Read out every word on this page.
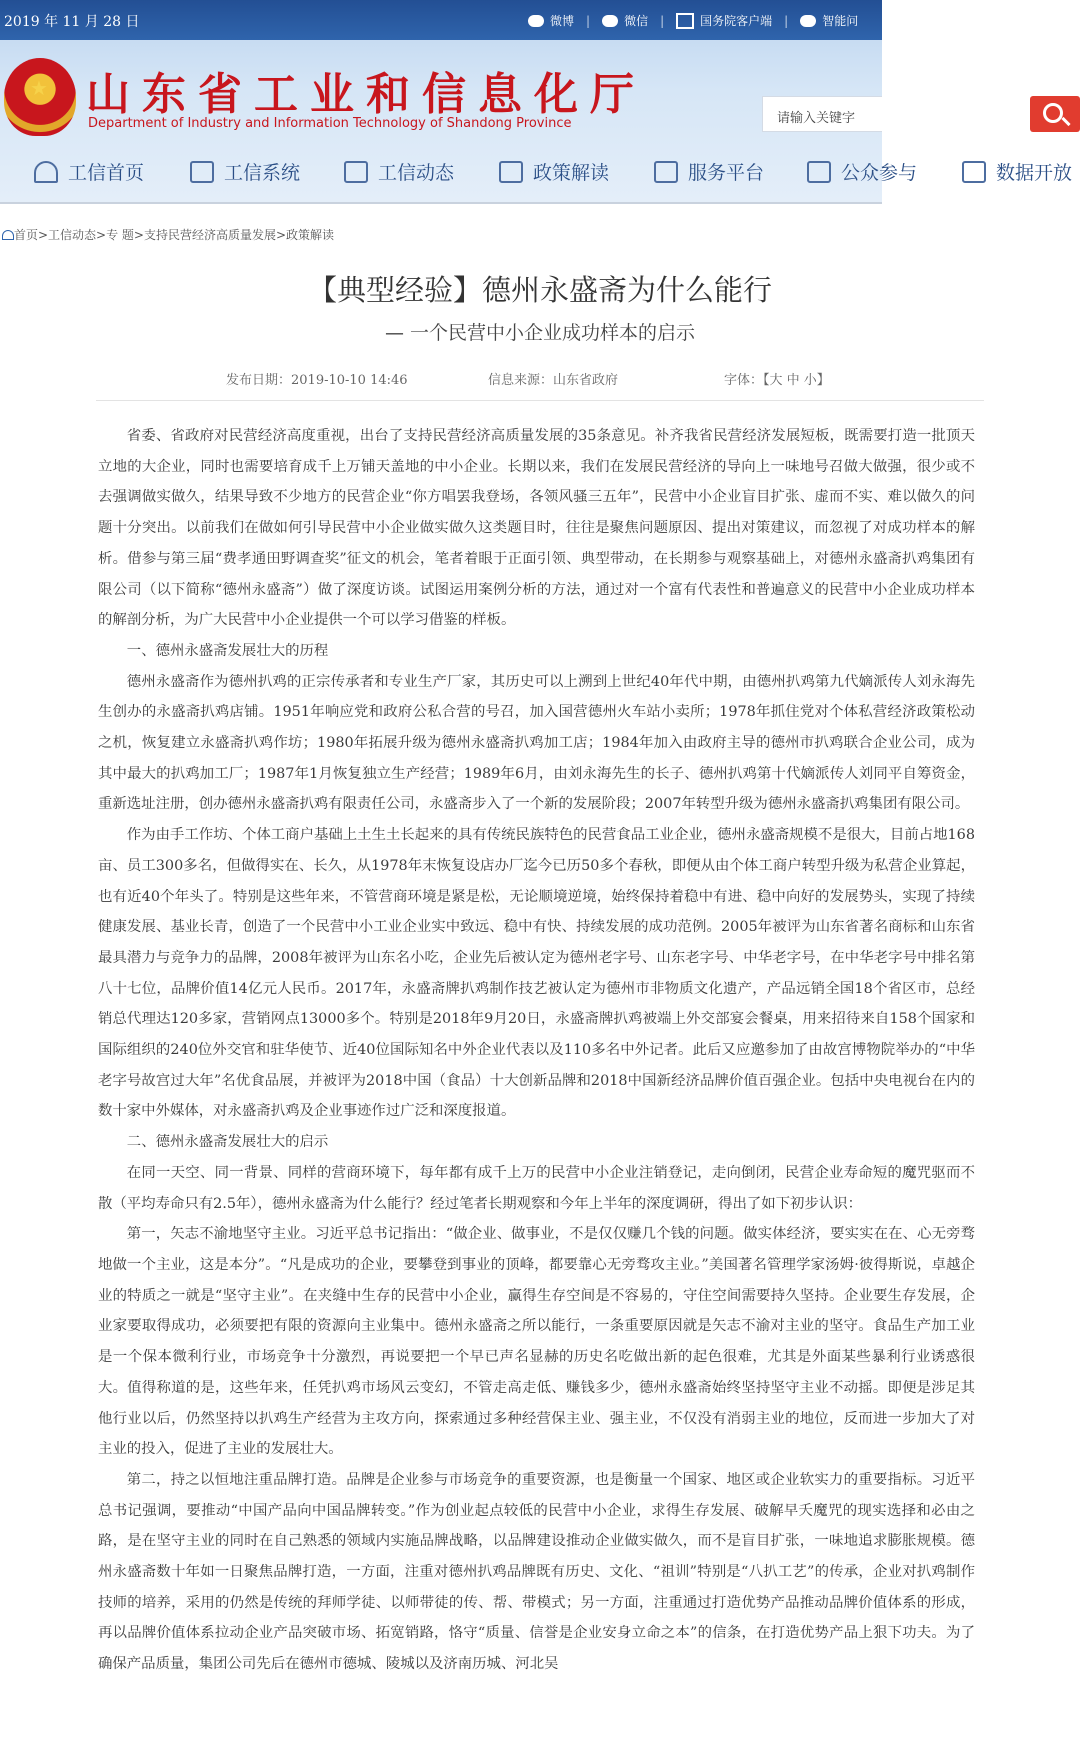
2019 年 11 月 28 日	微博 |	微信 |	国务院客户端 |	智能问
★ 山东省工业和信息化厅
Department of Industry and Information Technology of Shandong Province	请输入关键字
工信首页	工信系统	工信动态	政策解读	服务平台	公众参与	数据开放
首页>工信动态>专 题>支持民营经济高质量发展>政策解读
【典型经验】德州永盛斋为什么能行
— 一个民营中小企业成功样本的启示
发布日期：2019-10-10 14:46	信息来源：山东省政府	字体：【大 中 小】

省委、省政府对民营经济高度重视，出台了支持民营经济高质量发展的35条意见。补齐我省民营经济发展短板，既需要打造一批顶天立地的大企业，同时也需要培育成千上万铺天盖地的中小企业。长期以来，我们在发展民营经济的导向上一味地号召做大做强，很少或不去强调做实做久，结果导致不少地方的民营企业“你方唱罢我登场，各领风骚三五年”，民营中小企业盲目扩张、虚而不实、难以做久的问题十分突出。以前我们在做如何引导民营中小企业做实做久这类题目时，往往是聚焦问题原因、提出对策建议，而忽视了对成功样本的解析。借参与第三届“费孝通田野调查奖”征文的机会，笔者着眼于正面引领、典型带动，在长期参与观察基础上，对德州永盛斋扒鸡集团有限公司（以下简称“德州永盛斋”）做了深度访谈。试图运用案例分析的方法，通过对一个富有代表性和普遍意义的民营中小企业成功样本的解剖分析，为广大民营中小企业提供一个可以学习借鉴的样板。

一、德州永盛斋发展壮大的历程

德州永盛斋作为德州扒鸡的正宗传承者和专业生产厂家，其历史可以上溯到上世纪40年代中期，由德州扒鸡第九代嫡派传人刘永海先生创办的永盛斋扒鸡店铺。1951年响应党和政府公私合营的号召，加入国营德州火车站小卖所；1978年抓住党对个体私营经济政策松动之机，恢复建立永盛斋扒鸡作坊；1980年拓展升级为德州永盛斋扒鸡加工店；1984年加入由政府主导的德州市扒鸡联合企业公司，成为其中最大的扒鸡加工厂；1987年1月恢复独立生产经营；1989年6月，由刘永海先生的长子、德州扒鸡第十代嫡派传人刘同平自筹资金，重新选址注册，创办德州永盛斋扒鸡有限责任公司，永盛斋步入了一个新的发展阶段；2007年转型升级为德州永盛斋扒鸡集团有限公司。

作为由手工作坊、个体工商户基础上土生土长起来的具有传统民族特色的民营食品工业企业，德州永盛斋规模不是很大，目前占地168亩、员工300多名，但做得实在、长久，从1978年末恢复设店办厂迄今已历50多个春秋，即便从由个体工商户转型升级为私营企业算起，也有近40个年头了。特别是这些年来，不管营商环境是紧是松，无论顺境逆境，始终保持着稳中有进、稳中向好的发展势头，实现了持续健康发展、基业长青，创造了一个民营中小工业企业实中致远、稳中有快、持续发展的成功范例。2005年被评为山东省著名商标和山东省最具潜力与竞争力的品牌，2008年被评为山东名小吃，企业先后被认定为德州老字号、山东老字号、中华老字号，在中华老字号中排名第八十七位，品牌价值14亿元人民币。2017年，永盛斋牌扒鸡制作技艺被认定为德州市非物质文化遗产，产品远销全国18个省区市，总经销总代理达120多家，营销网点13000多个。特别是2018年9月20日，永盛斋牌扒鸡被端上外交部宴会餐桌，用来招待来自158个国家和国际组织的240位外交官和驻华使节、近40位国际知名中外企业代表以及110多名中外记者。此后又应邀参加了由故宫博物院举办的“中华老字号故宫过大年”名优食品展，并被评为2018中国（食品）十大创新品牌和2018中国新经济品牌价值百强企业。包括中央电视台在内的数十家中外媒体，对永盛斋扒鸡及企业事迹作过广泛和深度报道。

二、德州永盛斋发展壮大的启示

在同一天空、同一背景、同样的营商环境下，每年都有成千上万的民营中小企业注销登记，走向倒闭，民营企业寿命短的魔咒驱而不散（平均寿命只有2.5年），德州永盛斋为什么能行？经过笔者长期观察和今年上半年的深度调研，得出了如下初步认识：

第一，矢志不渝地坚守主业。习近平总书记指出：“做企业、做事业，不是仅仅赚几个钱的问题。做实体经济，要实实在在、心无旁骛地做一个主业，这是本分”。“凡是成功的企业，要攀登到事业的顶峰，都要靠心无旁骛攻主业。”美国著名管理学家汤姆·彼得斯说，卓越企业的特质之一就是“坚守主业”。在夹缝中生存的民营中小企业，赢得生存空间是不容易的，守住空间需要持久坚持。企业要生存发展，企业家要取得成功，必须要把有限的资源向主业集中。德州永盛斋之所以能行，一条重要原因就是矢志不渝对主业的坚守。食品生产加工业是一个保本微利行业，市场竞争十分激烈，再说要把一个早已声名显赫的历史名吃做出新的起色很难，尤其是外面某些暴利行业诱惑很大。值得称道的是，这些年来，任凭扒鸡市场风云变幻，不管走高走低、赚钱多少，德州永盛斋始终坚持坚守主业不动摇。即便是涉足其他行业以后，仍然坚持以扒鸡生产经营为主攻方向，探索通过多种经营保主业、强主业，不仅没有消弱主业的地位，反而进一步加大了对主业的投入，促进了主业的发展壮大。

第二，持之以恒地注重品牌打造。品牌是企业参与市场竞争的重要资源，也是衡量一个国家、地区或企业软实力的重要指标。习近平总书记强调，要推动“中国产品向中国品牌转变。”作为创业起点较低的民营中小企业，求得生存发展、破解早夭魔咒的现实选择和必由之路，是在坚守主业的同时在自己熟悉的领域内实施品牌战略，以品牌建设推动企业做实做久，而不是盲目扩张，一味地追求膨胀规模。德州永盛斋数十年如一日聚焦品牌打造，一方面，注重对德州扒鸡品牌既有历史、文化、“祖训”特别是“八扒工艺”的传承，企业对扒鸡制作技师的培养，采用的仍然是传统的拜师学徒、以师带徒的传、帮、带模式；另一方面，注重通过打造优势产品推动品牌价值体系的形成，再以品牌价值体系拉动企业产品突破市场、拓宽销路，恪守“质量、信誉是企业安身立命之本”的信条，在打造优势产品上狠下功夫。为了确保产品质量，集团公司先后在德州市德城、陵城以及济南历城、河北吴
